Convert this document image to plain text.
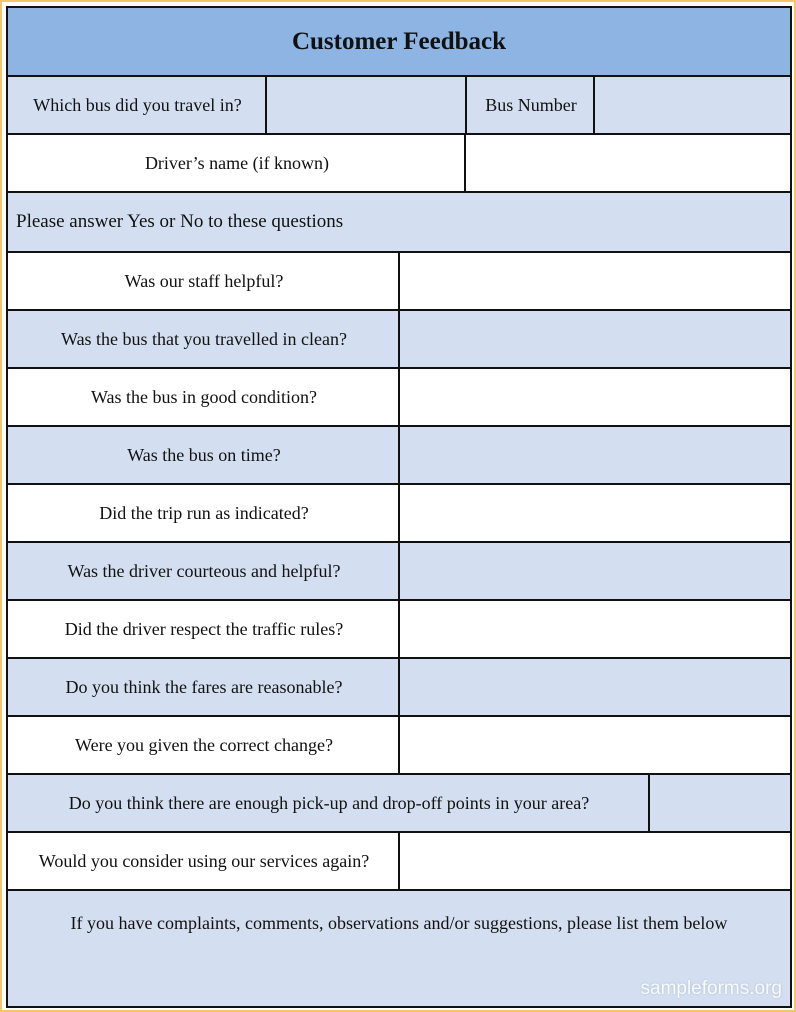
Customer Feedback
Which bus did you travel in?	Bus Number
Driver’s name (if known)
Please answer Yes or No to these questions
Was our staff helpful?
Was the bus that you travelled in clean?
Was the bus in good condition?
Was the bus on time?
Did the trip run as indicated?
Was the driver courteous and helpful?
Did the driver respect the traffic rules?
Do you think the fares are reasonable?
Were you given the correct change?
Do you think there are enough pick-up and drop-off points in your area?
Would you consider using our services again?
If you have complaints, comments, observations and/or suggestions, please list them below
sampleforms.org
